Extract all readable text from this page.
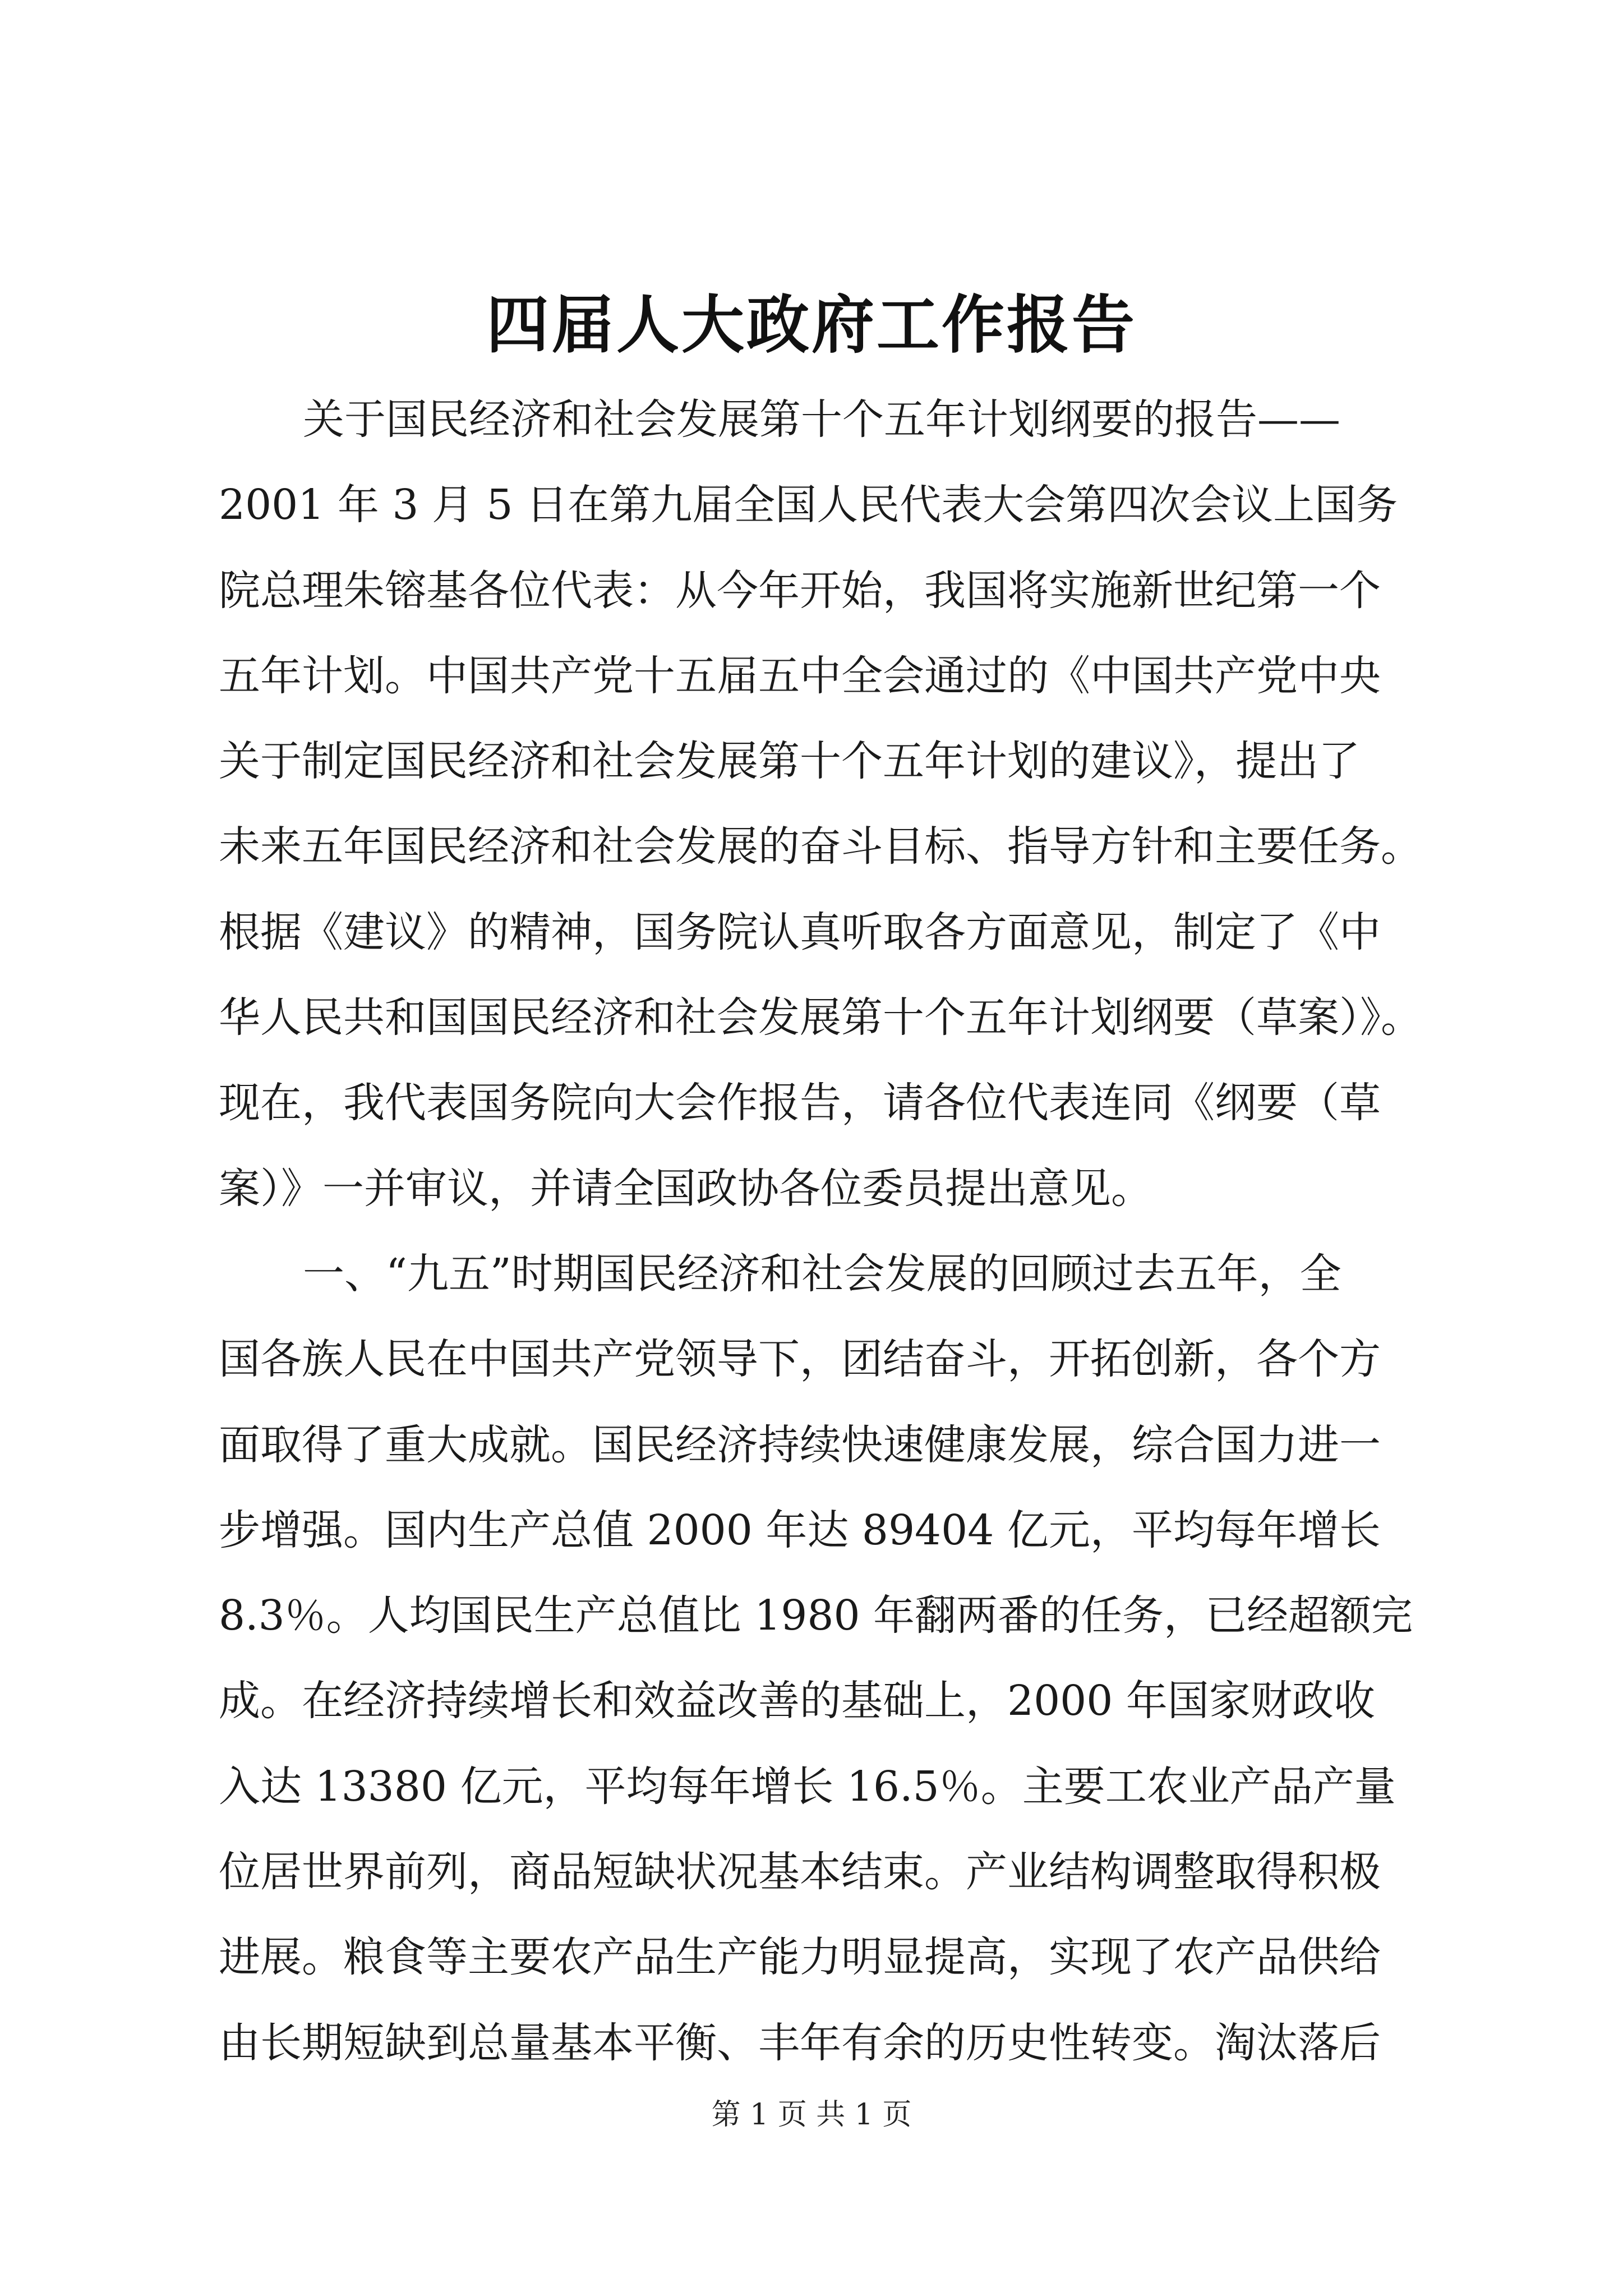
四届人大政府工作报告
关于国民经济和社会发展第十个五年计划纲要的报告——
2001 年 3 月 5 日在第九届全国人民代表大会第四次会议上国务
院总理朱镕基各位代表：从今年开始，我国将实施新世纪第一个
五年计划。中国共产党十五届五中全会通过的《中国共产党中央
关于制定国民经济和社会发展第十个五年计划的建议》，提出了
未来五年国民经济和社会发展的奋斗目标、指导方针和主要任务。
根据《建议》的精神，国务院认真听取各方面意见，制定了《中
华人民共和国国民经济和社会发展第十个五年计划纲要（草案）》。
现在，我代表国务院向大会作报告，请各位代表连同《纲要（草
案）》一并审议，并请全国政协各位委员提出意见。
一、“九五”时期国民经济和社会发展的回顾过去五年，全
国各族人民在中国共产党领导下，团结奋斗，开拓创新，各个方
面取得了重大成就。国民经济持续快速健康发展，综合国力进一
步增强。国内生产总值 2000 年达 89404 亿元，平均每年增长
8.3％。人均国民生产总值比 1980 年翻两番的任务，已经超额完
成。在经济持续增长和效益改善的基础上，2000 年国家财政收
入达 13380 亿元，平均每年增长 16.5％。主要工农业产品产量
位居世界前列，商品短缺状况基本结束。产业结构调整取得积极
进展。粮食等主要农产品生产能力明显提高，实现了农产品供给
由长期短缺到总量基本平衡、丰年有余的历史性转变。淘汰落后
第 1 页 共 1 页
